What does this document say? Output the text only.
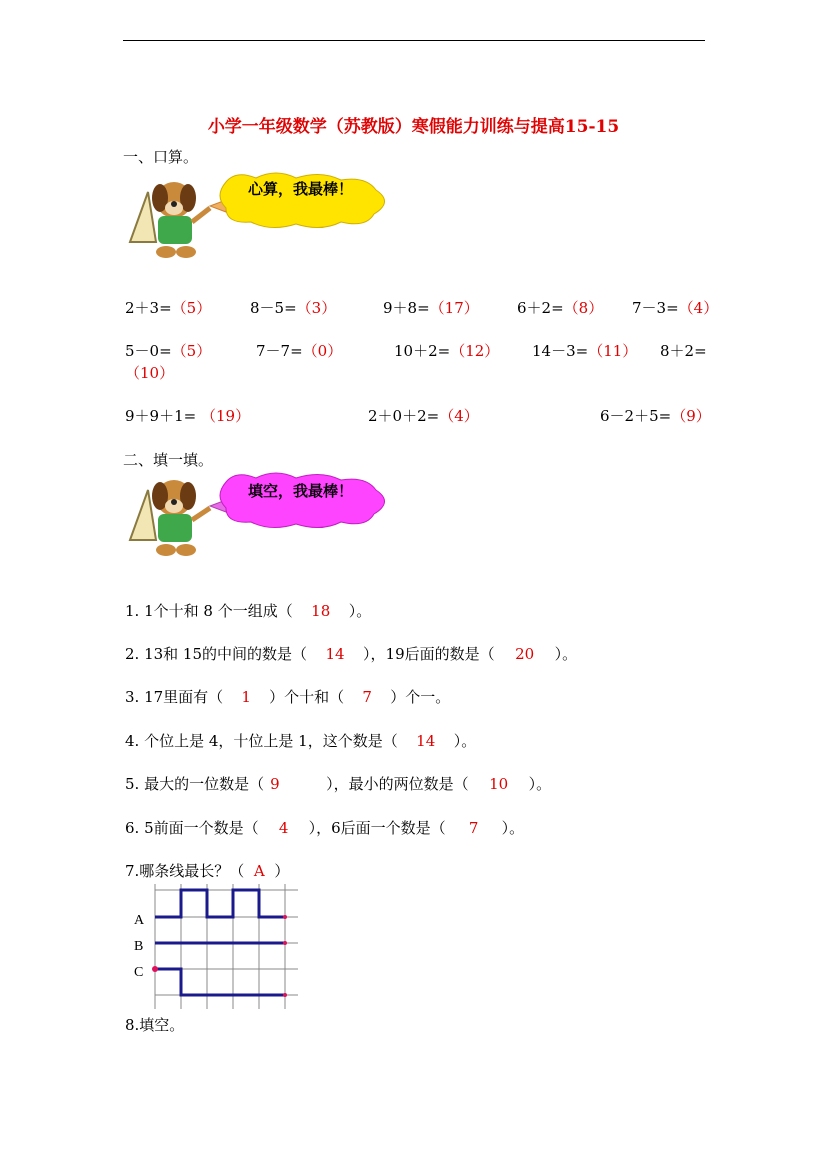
小学一年级数学（苏教版）寒假能力训练与提高15-15
一、口算。
心算，我最棒！
2＋3=（5）	8－5=（3）	9＋8=（17）	6＋2=（8） 7－3=（4）
5－0=（5）	7－7=（0）	10＋2=（12） 14－3=（11） 8＋2=
（10）
9＋9＋1= （19）	2＋0＋2=（4）	6－2＋5=（9）
二、填一填。
填空，我最棒！
1. 1个十和 8 个一组成（ 18 ）。
2. 13和 15的中间的数是（ 14 ），19后面的数是（ 20 ）。
3. 17里面有（ 1 ）个十和（ 7 ）个一。
4. 个位上是 4，十位上是 1，这个数是（ 14 ）。
5. 最大的一位数是（ 9	），最小的两位数是（ 10 ）。
6. 5前面一个数是（ 4 ），6后面一个数是（ 7 ）。
7.哪条线最长？（ A ）
A
B
C
8.填空。
